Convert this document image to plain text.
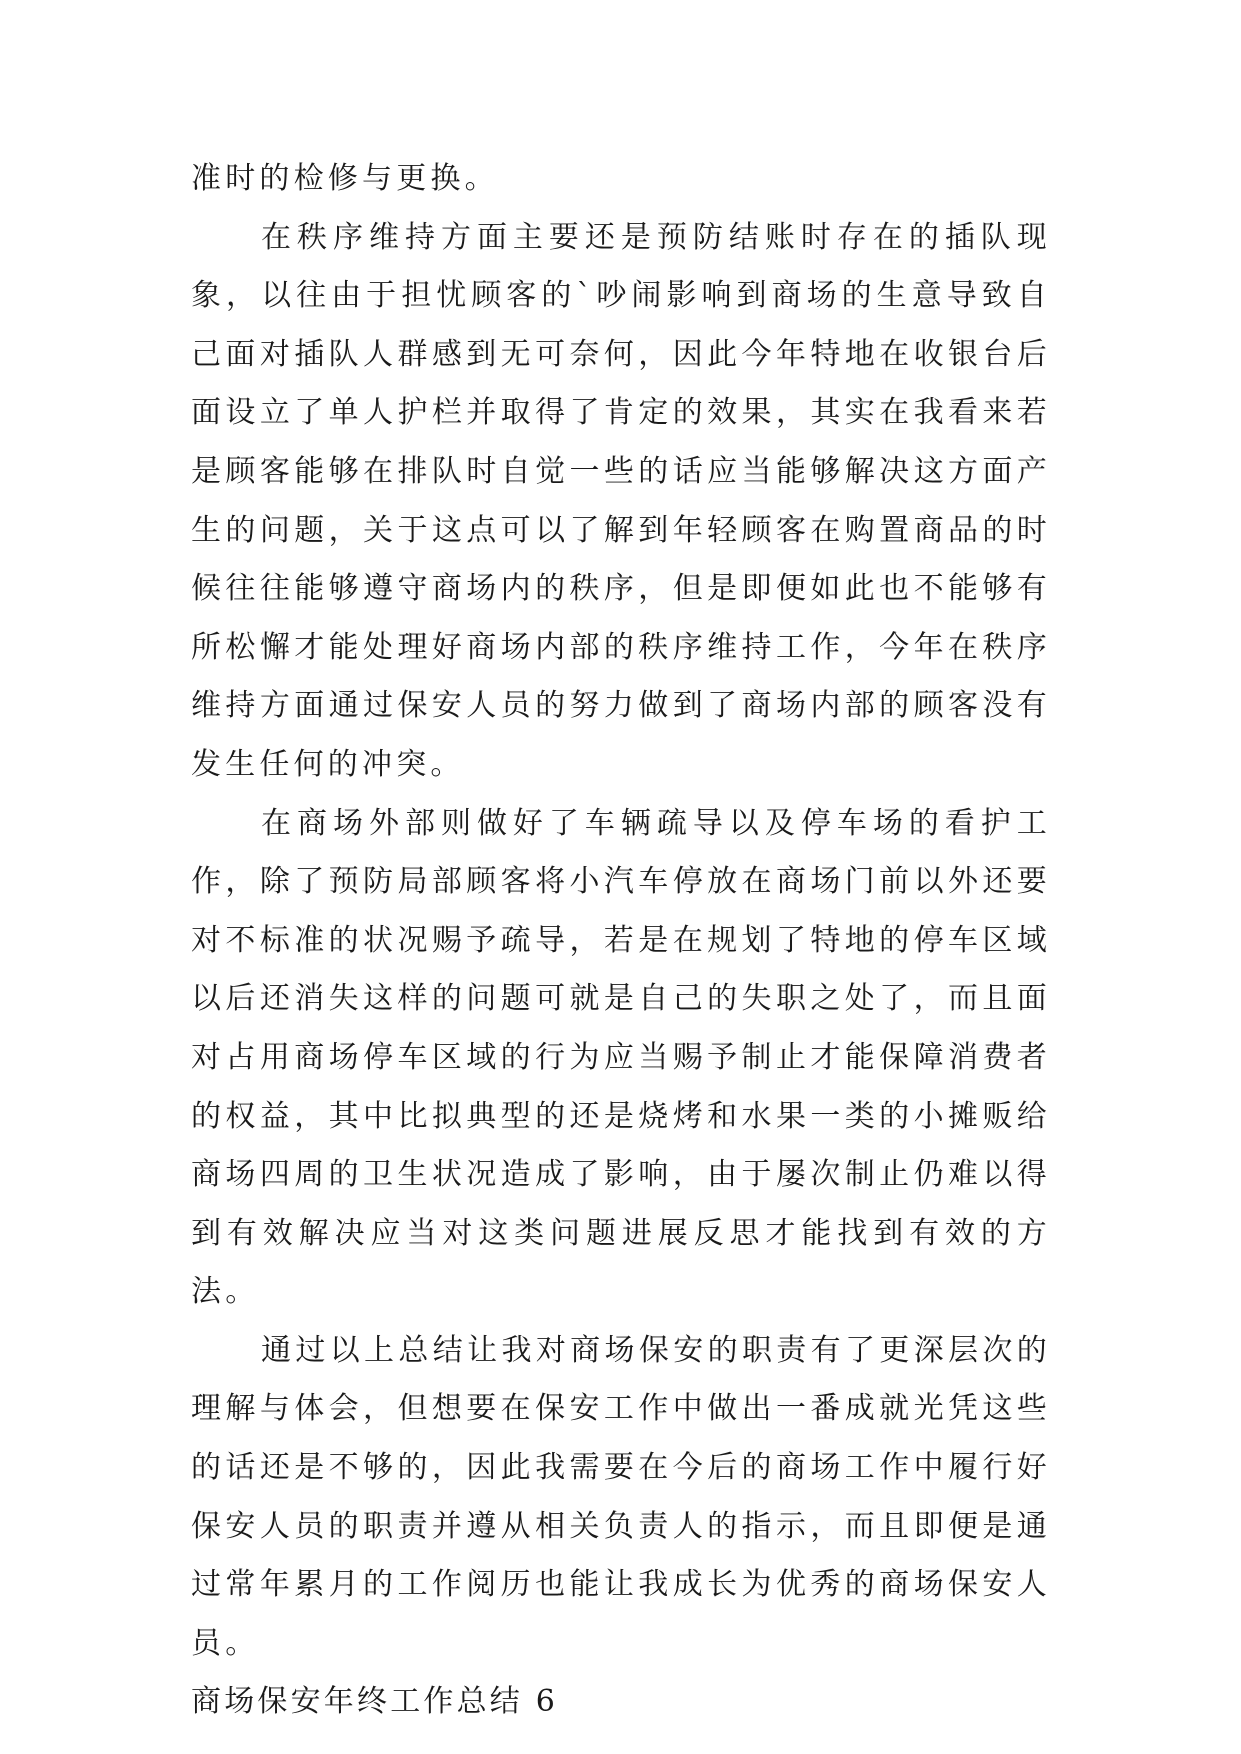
准时的检修与更换。

在秩序维持方面主要还是预防结账时存在的插队现象，以往由于担忧顾客的`吵闹影响到商场的生意导致自己面对插队人群感到无可奈何，因此今年特地在收银台后面设立了单人护栏并取得了肯定的效果，其实在我看来若是顾客能够在排队时自觉一些的话应当能够解决这方面产生的问题，关于这点可以了解到年轻顾客在购置商品的时候往往能够遵守商场内的秩序，但是即便如此也不能够有所松懈才能处理好商场内部的秩序维持工作，今年在秩序维持方面通过保安人员的努力做到了商场内部的顾客没有发生任何的冲突。

在商场外部则做好了车辆疏导以及停车场的看护工作，除了预防局部顾客将小汽车停放在商场门前以外还要对不标准的状况赐予疏导，若是在规划了特地的停车区域以后还消失这样的问题可就是自己的失职之处了，而且面对占用商场停车区域的行为应当赐予制止才能保障消费者的权益，其中比拟典型的还是烧烤和水果一类的小摊贩给商场四周的卫生状况造成了影响，由于屡次制止仍难以得到有效解决应当对这类问题进展反思才能找到有效的方法。

通过以上总结让我对商场保安的职责有了更深层次的理解与体会，但想要在保安工作中做出一番成就光凭这些的话还是不够的，因此我需要在今后的商场工作中履行好保安人员的职责并遵从相关负责人的指示，而且即便是通过常年累月的工作阅历也能让我成长为优秀的商场保安人员。

商场保安年终工作总结 6
